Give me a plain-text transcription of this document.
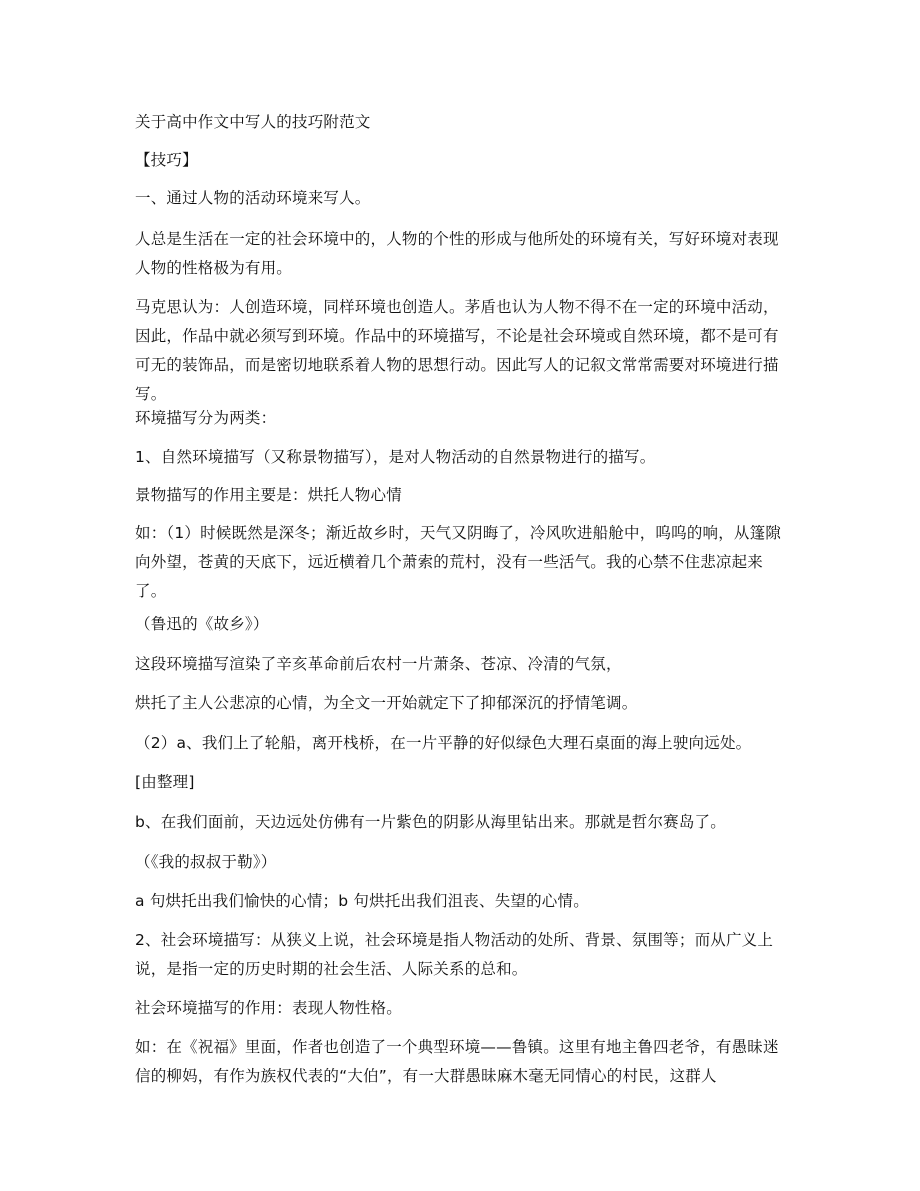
关于高中作文中写人的技巧附范文

【技巧】

一、通过人物的活动环境来写人。

人总是生活在一定的社会环境中的，人物的个性的形成与他所处的环境有关，写好环境对表现人物的性格极为有用。

马克思认为：人创造环境，同样环境也创造人。茅盾也认为人物不得不在一定的环境中活动，因此，作品中就必须写到环境。作品中的环境描写，不论是社会环境或自然环境，都不是可有可无的装饰品，而是密切地联系着人物的思想行动。因此写人的记叙文常常需要对环境进行描写。

环境描写分为两类：

1、自然环境描写（又称景物描写），是对人物活动的自然景物进行的描写。

景物描写的作用主要是：烘托人物心情

如：（1）时候既然是深冬；渐近故乡时，天气又阴晦了，冷风吹进船舱中，呜呜的响，从篷隙向外望，苍黄的天底下，远近横着几个萧索的荒村，没有一些活气。我的心禁不住悲凉起来了。

（鲁迅的《故乡》）

这段环境描写渲染了辛亥革命前后农村一片萧条、苍凉、冷清的气氛，

烘托了主人公悲凉的心情，为全文一开始就定下了抑郁深沉的抒情笔调。

（2）a、我们上了轮船，离开栈桥，在一片平静的好似绿色大理石桌面的海上驶向远处。

[由整理]

b、在我们面前，天边远处仿佛有一片紫色的阴影从海里钻出来。那就是哲尔赛岛了。

（《我的叔叔于勒》）

a 句烘托出我们愉快的心情；b 句烘托出我们沮丧、失望的心情。

2、社会环境描写：从狭义上说，社会环境是指人物活动的处所、背景、氛围等；而从广义上说，是指一定的历史时期的社会生活、人际关系的总和。

社会环境描写的作用：表现人物性格。

如：在《祝福》里面，作者也创造了一个典型环境——鲁镇。这里有地主鲁四老爷，有愚昧迷信的柳妈，有作为族权代表的“大伯”，有一大群愚昧麻木毫无同情心的村民，这群人
